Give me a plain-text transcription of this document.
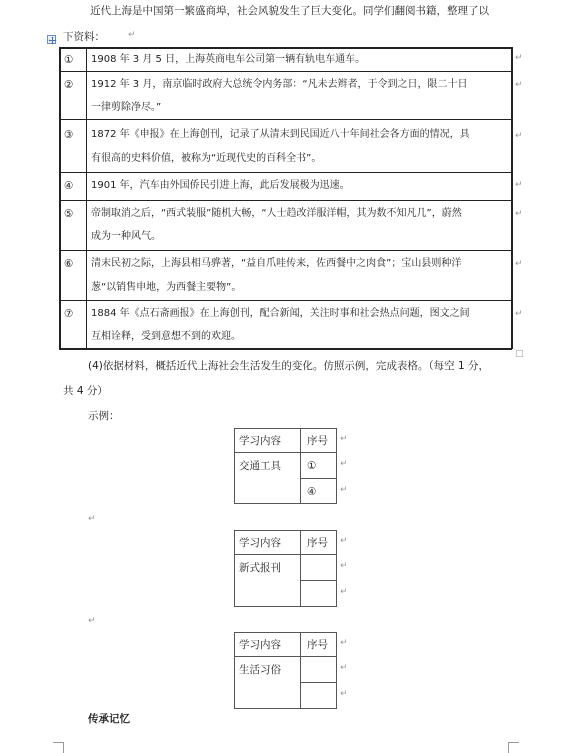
近代上海是中国第一繁盛商埠，社会风貌发生了巨大变化。同学们翻阅书籍，整理了以
下资料：	↵
① 1908 年 3 月 5 日，上海英商电车公司第一辆有轨电车通车。
② 1912 年 3 月，南京临时政府大总统令内务部：“凡未去辫者，于令到之日，限二十日
一律剪除净尽。”
③ 1872 年《申报》在上海创刊，记录了从清末到民国近八十年间社会各方面的情况，具
有很高的史料价值，被称为“近现代史的百科全书”。
④ 1901 年，汽车由外国侨民引进上海，此后发展极为迅速。
⑤ 帝制取消之后，“西式装服”随机大畅，“人士趋改洋服洋帽，其为数不知凡几”，蔚然
成为一种风气。
⑥ 清末民初之际，上海县相马骅著，“益自爪哇传来，佐西餐中之肉食”；宝山县则种洋
葱“以销售申地，为西餐主要物”。
⑦ 1884 年《点石斋画报》在上海创刊，配合新闻，关注时事和社会热点问题，图文之间
互相诠释，受到意想不到的欢迎。
↵
↵
↵
↵
↵
↵
↵
□
(4)依据材料，概括近代上海社会生活发生的变化。仿照示例，完成表格。（每空 1 分，
共 4 分）
示例：
学习内容 序号
交通工具 ①
④
学习内容 序号
新式报刊
学习内容 序号
生活习俗
↵
↵
↵
↵
↵
↵
↵
↵
↵
↵
↵
传承记忆
